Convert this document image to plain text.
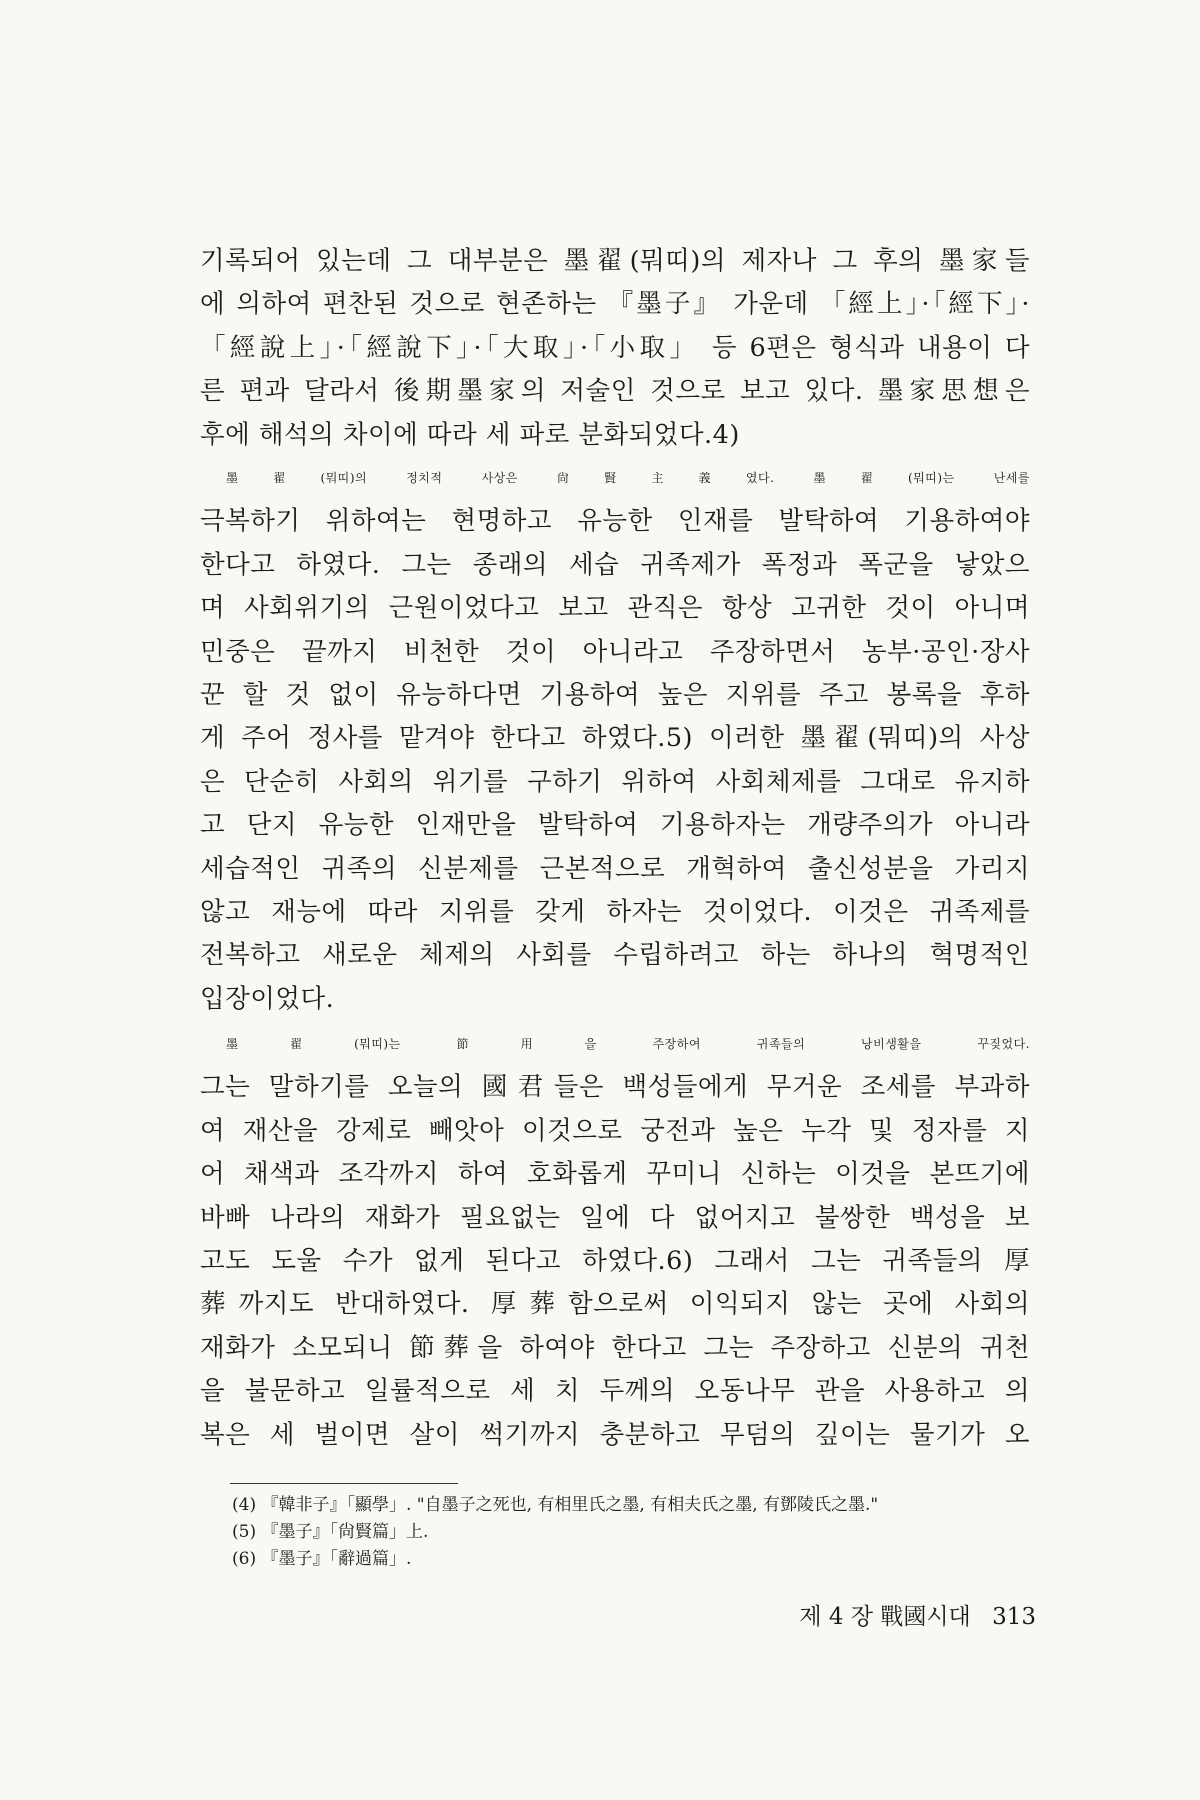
기록되어 있는데 그 대부분은 墨翟(뭐띠)의 제자나 그 후의 墨家들
에 의하여 편찬된 것으로 현존하는 『墨子』 가운데 「經上」·「經下」·
「經說上」·「經說下」·「大取」·「小取」 등 6편은 형식과 내용이 다
른 편과 달라서 後期墨家의 저술인 것으로 보고 있다. 墨家思想은
후에 해석의 차이에 따라 세 파로 분화되었다.4)
墨翟(뭐띠)의 정치적 사상은 尙賢主義였다. 墨翟(뭐띠)는 난세를
극복하기 위하여는 현명하고 유능한 인재를 발탁하여 기용하여야
한다고 하였다. 그는 종래의 세습 귀족제가 폭정과 폭군을 낳았으
며 사회위기의 근원이었다고 보고 관직은 항상 고귀한 것이 아니며
민중은 끝까지 비천한 것이 아니라고 주장하면서 농부·공인·장사
꾼 할 것 없이 유능하다면 기용하여 높은 지위를 주고 봉록을 후하
게 주어 정사를 맡겨야 한다고 하였다.5) 이러한 墨翟(뭐띠)의 사상
은 단순히 사회의 위기를 구하기 위하여 사회체제를 그대로 유지하
고 단지 유능한 인재만을 발탁하여 기용하자는 개량주의가 아니라
세습적인 귀족의 신분제를 근본적으로 개혁하여 출신성분을 가리지
않고 재능에 따라 지위를 갖게 하자는 것이었다. 이것은 귀족제를
전복하고 새로운 체제의 사회를 수립하려고 하는 하나의 혁명적인
입장이었다.
墨翟(뭐띠)는 節用을 주장하여 귀족들의 낭비생활을 꾸짖었다.
그는 말하기를 오늘의 國君들은 백성들에게 무거운 조세를 부과하
여 재산을 강제로 빼앗아 이것으로 궁전과 높은 누각 및 정자를 지
어 채색과 조각까지 하여 호화롭게 꾸미니 신하는 이것을 본뜨기에
바빠 나라의 재화가 필요없는 일에 다 없어지고 불쌍한 백성을 보
고도 도울 수가 없게 된다고 하였다.6) 그래서 그는 귀족들의 厚
葬까지도 반대하였다. 厚葬함으로써 이익되지 않는 곳에 사회의
재화가 소모되니 節葬을 하여야 한다고 그는 주장하고 신분의 귀천
을 불문하고 일률적으로 세 치 두께의 오동나무 관을 사용하고 의
복은 세 벌이면 살이 썩기까지 충분하고 무덤의 깊이는 물기가 오
(4) 『韓非子』「顯學」. "自墨子之死也, 有相里氏之墨, 有相夫氏之墨, 有鄧陵氏之墨."
(5) 『墨子』「尙賢篇」上.
(6) 『墨子』「辭過篇」.
제 4 장 戰國시대 313
